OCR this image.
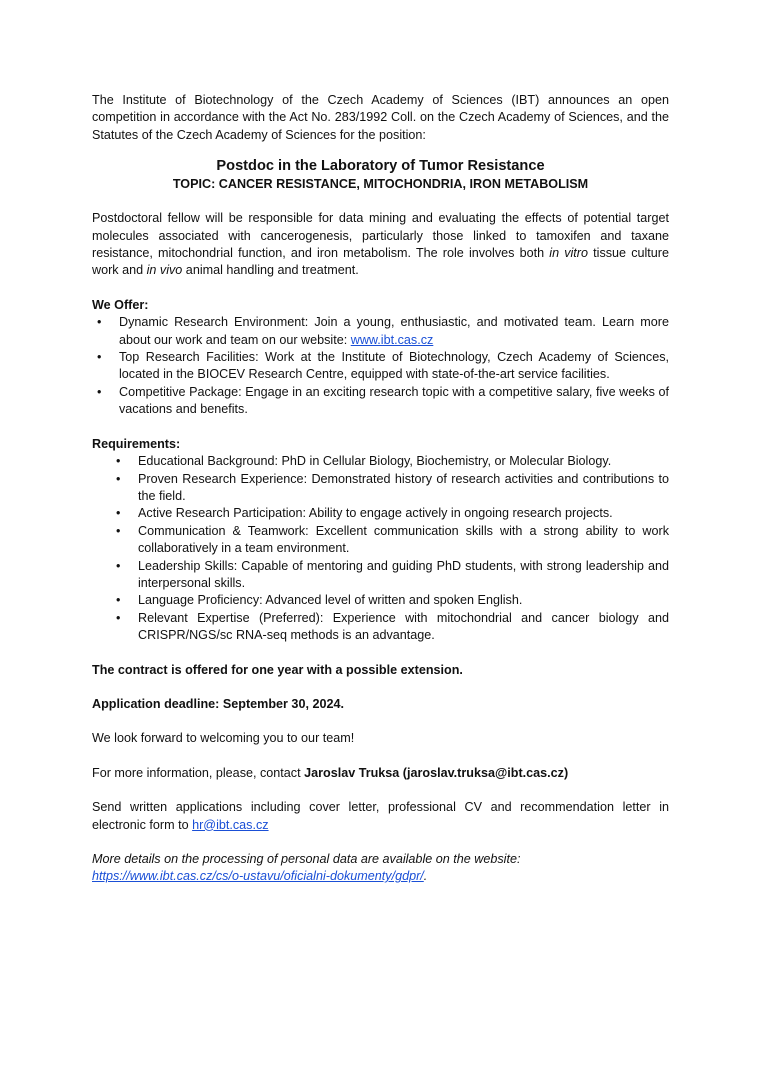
The Institute of Biotechnology of the Czech Academy of Sciences (IBT) announces an open competition in accordance with the Act No. 283/1992 Coll. on the Czech Academy of Sciences, and the Statutes of the Czech Academy of Sciences for the position:

Postdoc in the Laboratory of Tumor Resistance

TOPIC: CANCER RESISTANCE, MITOCHONDRIA, IRON METABOLISM

Postdoctoral fellow will be responsible for data mining and evaluating the effects of potential target molecules associated with cancerogenesis, particularly those linked to tamoxifen and taxane resistance, mitochondrial function, and iron metabolism. The role involves both in vitro tissue culture work and in vivo animal handling and treatment.

We Offer:

• Dynamic Research Environment: Join a young, enthusiastic, and motivated team. Learn more about our work and team on our website: www.ibt.cas.cz
• Top Research Facilities: Work at the Institute of Biotechnology, Czech Academy of Sciences, located in the BIOCEV Research Centre, equipped with state-of-the-art service facilities.
• Competitive Package: Engage in an exciting research topic with a competitive salary, five weeks of vacations and benefits.

Requirements:

• Educational Background: PhD in Cellular Biology, Biochemistry, or Molecular Biology.
• Proven Research Experience: Demonstrated history of research activities and contributions to the field.
• Active Research Participation: Ability to engage actively in ongoing research projects.
• Communication & Teamwork: Excellent communication skills with a strong ability to work collaboratively in a team environment.
• Leadership Skills: Capable of mentoring and guiding PhD students, with strong leadership and interpersonal skills.
• Language Proficiency: Advanced level of written and spoken English.
• Relevant Expertise (Preferred): Experience with mitochondrial and cancer biology and CRISPR/NGS/sc RNA-seq methods is an advantage.

The contract is offered for one year with a possible extension.

Application deadline: September 30, 2024.

We look forward to welcoming you to our team!

For more information, please, contact Jaroslav Truksa (jaroslav.truksa@ibt.cas.cz)

Send written applications including cover letter, professional CV and recommendation letter in electronic form to hr@ibt.cas.cz

More details on the processing of personal data are available on the website:
https://www.ibt.cas.cz/cs/o-ustavu/oficialni-dokumenty/gdpr/.
